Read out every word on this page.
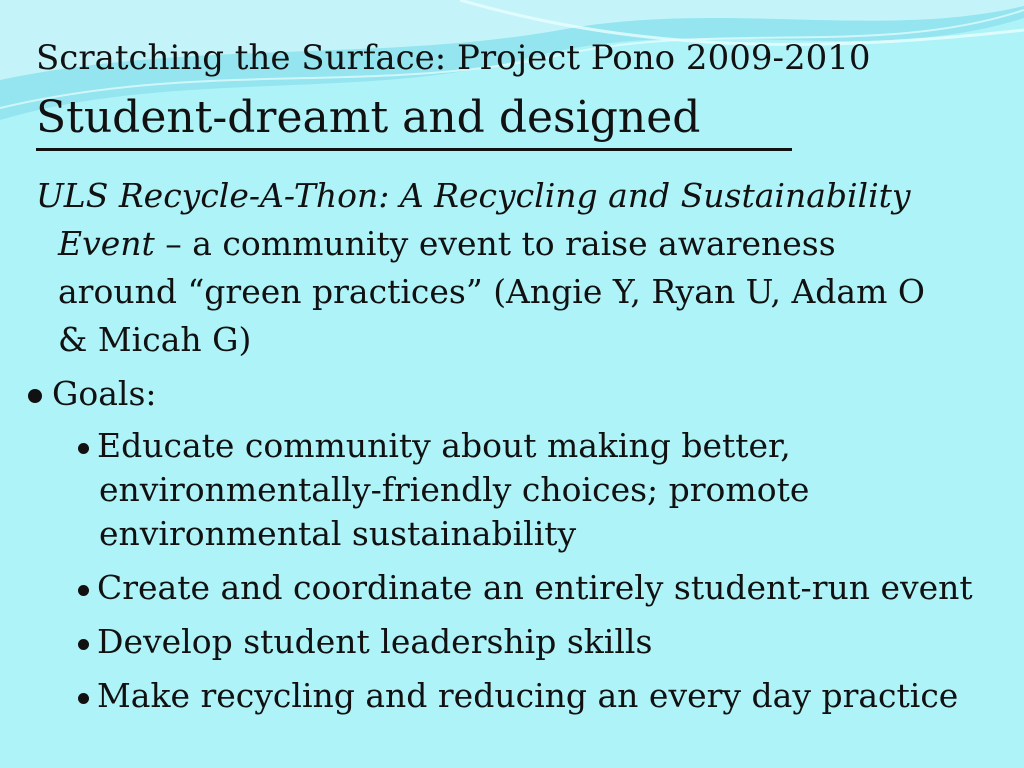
Scratching the Surface: Project Pono 2009-2010
Student-dreamt and designed
ULS Recycle-A-Thon: A Recycling and Sustainability
Event – a community event to raise awareness
around “green practices” (Angie Y, Ryan U, Adam O
& Micah G)
Goals:
Educate community about making better,
environmentally-friendly choices; promote
environmental sustainability
Create and coordinate an entirely student-run event
Develop student leadership skills
Make recycling and reducing an every day practice
